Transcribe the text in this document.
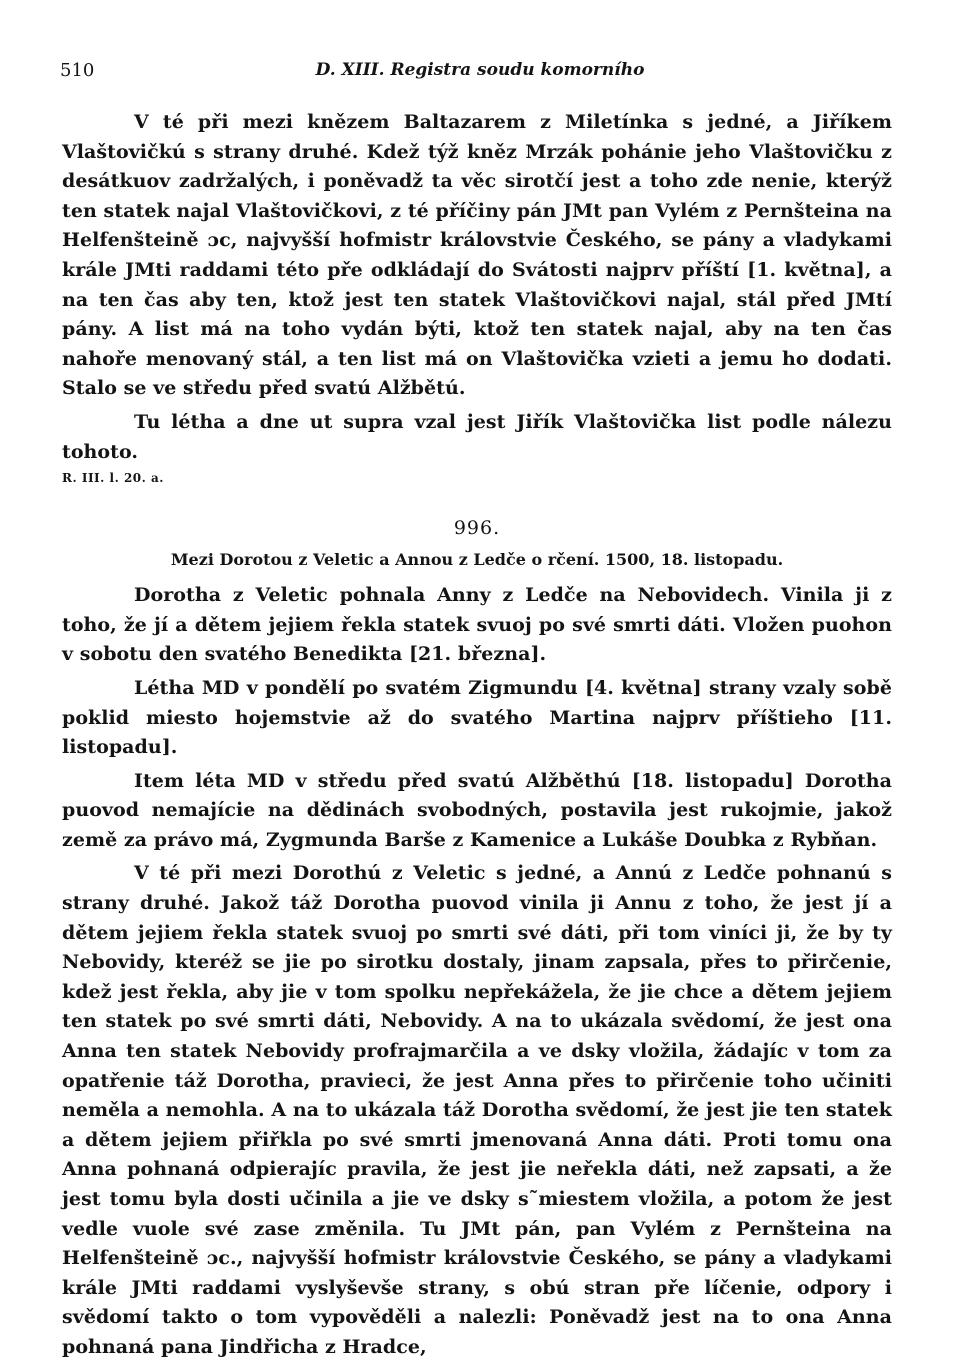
510	D. XIII. Registra soudu komorního

V té při mezi knězem Baltazarem z Miletínka s jedné, a Jiříkem Vlaštovičkú s strany druhé. Kdež týž kněz Mrzák pohánie jeho Vlaštovičku z desátkuov zadržalých, i poněvadž ta věc sirotčí jest a toho zde nenie, kterýž ten statek najal Vlaštovičkovi, z té příčiny pán JMt pan Vylém z Pernšteina na Helfenšteině ɔc, najvyšší hofmistr královstvie Českého, se pány a vladykami krále JMti raddami této pře odkládají do Svátosti najprv příští [1. května], a na ten čas aby ten, ktož jest ten statek Vlaštovičkovi najal, stál před JMtí pány. A list má na toho vydán býti, ktož ten statek najal, aby na ten čas nahoře menovaný stál, a ten list má on Vlaštovička vzieti a jemu ho dodati. Stalo se ve středu před svatú Alžbětú.

Tu létha a dne ut supra vzal jest Jiřík Vlaštovička list podle nálezu tohoto.

R. III. l. 20. a.

996.

Mezi Dorotou z Veletic a Annou z Ledče o rčení. 1500, 18. listopadu.

Dorotha z Veletic pohnala Anny z Ledče na Nebovidech. Vinila ji z toho, že jí a dětem jejiem řekla statek svuoj po své smrti dáti. Vložen puohon v sobotu den svatého Benedikta [21. března].

Létha MD v pondělí po svatém Zigmundu [4. května] strany vzaly sobě poklid miesto hojemstvie až do svatého Martina najprv příštieho [11. listopadu].

Item léta MD v středu před svatú Alžběthú [18. listopadu] Dorotha puovod nemajície na dědinách svobodných, postavila jest rukojmie, jakož země za právo má, Zygmunda Barše z Kamenice a Lukáše Doubka z Rybňan.

V té při mezi Dorothú z Veletic s jedné, a Annú z Ledče pohnanú s strany druhé. Jakož táž Dorotha puovod vinila ji Annu z toho, že jest jí a dětem jejiem řekla statek svuoj po smrti své dáti, při tom viníci ji, že by ty Nebovidy, kteréž se jie po sirotku dostaly, jinam zapsala, přes to přirčenie, kdež jest řekla, aby jie v tom spolku nepřekážela, že jie chce a dětem jejiem ten statek po své smrti dáti, Nebovidy. A na to ukázala svědomí, že jest ona Anna ten statek Nebovidy profrajmarčila a ve dsky vložila, žádajíc v tom za opatřenie táž Dorotha, pravieci, že jest Anna přes to přirčenie toho učiniti neměla a nemohla. A na to ukázala táž Dorotha svědomí, že jest jie ten statek a dětem jejiem přiřkla po své smrti jmenovaná Anna dáti. Proti tomu ona Anna pohnaná odpierajíc pravila, že jest jie neřekla dáti, než zapsati, a že jest tomu byla dosti učinila a jie ve dsky s˜miestem vložila, a potom že jest vedle vuole své zase změnila. Tu JMt pán, pan Vylém z Pernšteina na Helfenšteině ɔc., najvyšší hofmistr královstvie Českého, se pány a vladykami krále JMti raddami vyslyševše strany, s obú stran pře líčenie, odpory i svědomí takto o tom vypověděli a nalezli: Poněvadž jest na to ona Anna pohnaná pana Jindřicha z Hradce,
